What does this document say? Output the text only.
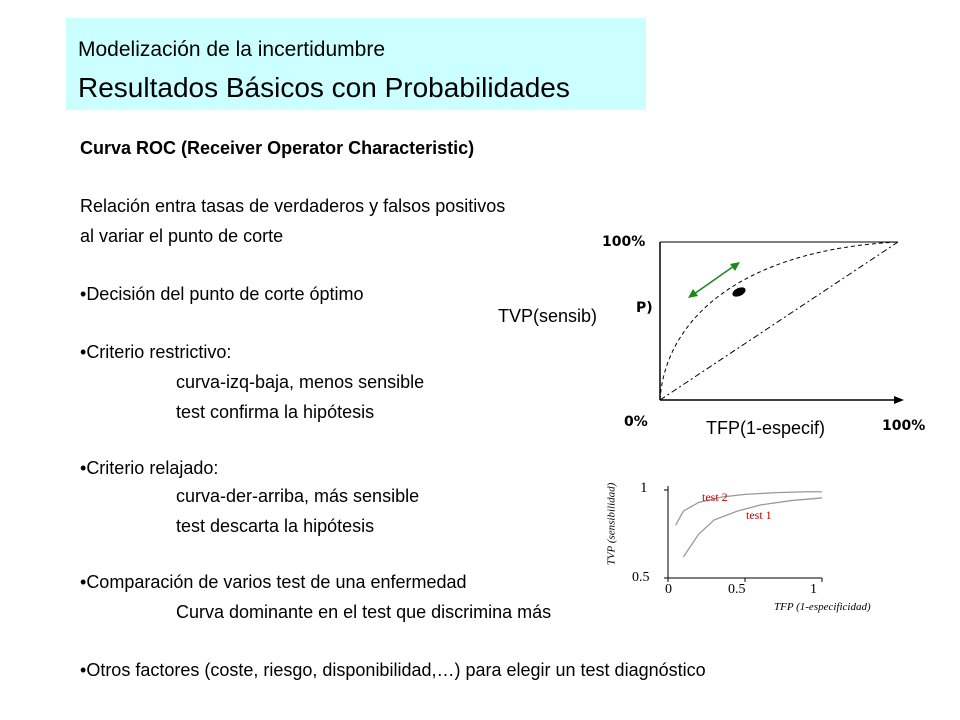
Modelización de la incertidumbre
Resultados Básicos con Probabilidades
Curva ROC (Receiver Operator Characteristic)
Relación entra tasas de verdaderos y falsos positivos
al variar el punto de corte
• Decisión del punto de corte óptimo
• Criterio restrictivo:
curva-izq-baja, menos sensible
test confirma la hipótesis
• Criterio relajado:
curva-der-arriba, más sensible
test descarta la hipótesis
• Comparación de varios test de una enfermedad
Curva dominante en el test que discrimina más
• Otros factores (coste, riesgo, disponibilidad,…) para elegir un test diagnóstico
100%
TVP(sensib)	P)
0%	TFP(1-especif)	100%
1
0.5
0	0.5	1
TFP (1-especificidad)
TVP (sensibilidad)	test 2
test 1
